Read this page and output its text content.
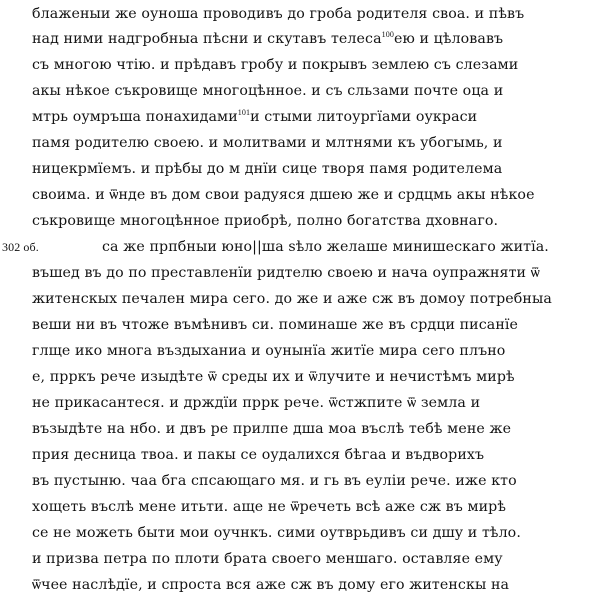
блаженыи же оуноша проводивъ до гроба родителя своа. и пѣвъ
над ними надгробныа пѣсни и скутавъ телеса$^{100}$ею и цѣловавъ
съ многою чтію. и прѣдавъ гробу и покрывъ землею съ слезами
акы нѣкое съкровище многоцѣнное. и съ сльзами почте оца и
мтрь оумръша понахидами$^{101}$и стыми литоургїами оукраси
памя родителю своею. и молитвами и млтнями къ убогымь, и
ницекрмїемъ. и прѣбы до м днїи сице творя памя родителема
своима. и ѿнде въ дом свои радуяся дшею же и срдцмь акы нѣкое
съкровище многоцѣнное приобрѣ, полно богатства дховнаго.
302 об.	са же прпбныи юно||ша ѕѣло желаше минишескаго житїа.
въшед въ до по преставленїи ридтелю своею и нача оупражняти ѿ
житенскых печален мира сего. до же и аже сж въ домоу потребныа
веши ни въ чтоже въмѣнивъ си. поминаше же въ срдци писанїе
глще ико многа въздыханиа и оунынїа житїе мира сего плъно
е, прркъ рече изыдѣте ѿ среды их и ѿлучите и нечистѣмъ мирѣ
не прикасантеся. и држдїи пррк рече. ѿстжпите ѿ земла и
възыдѣте на нбо. и двъ ре прилпе дша моа въслѣ тебѣ мене же
прия десница твоа. и пакы се оудалихся бѣгаа и въдворихъ
въ пустыню. чаа бга спсающаго мя. и гь въ еуліи рече. иже кто
хощеть въслѣ мене итьти. аще не ѿречеть всѣ аже сж въ мирѣ
се не можеть быти мои оучнкъ. сими оутврьдивъ си дшу и тѣло.
и призва петра по плоти брата своего меншаго. оставляе ему
ѿчее наслѣдїе, и спроста вся аже сж въ дому его житенскы на
